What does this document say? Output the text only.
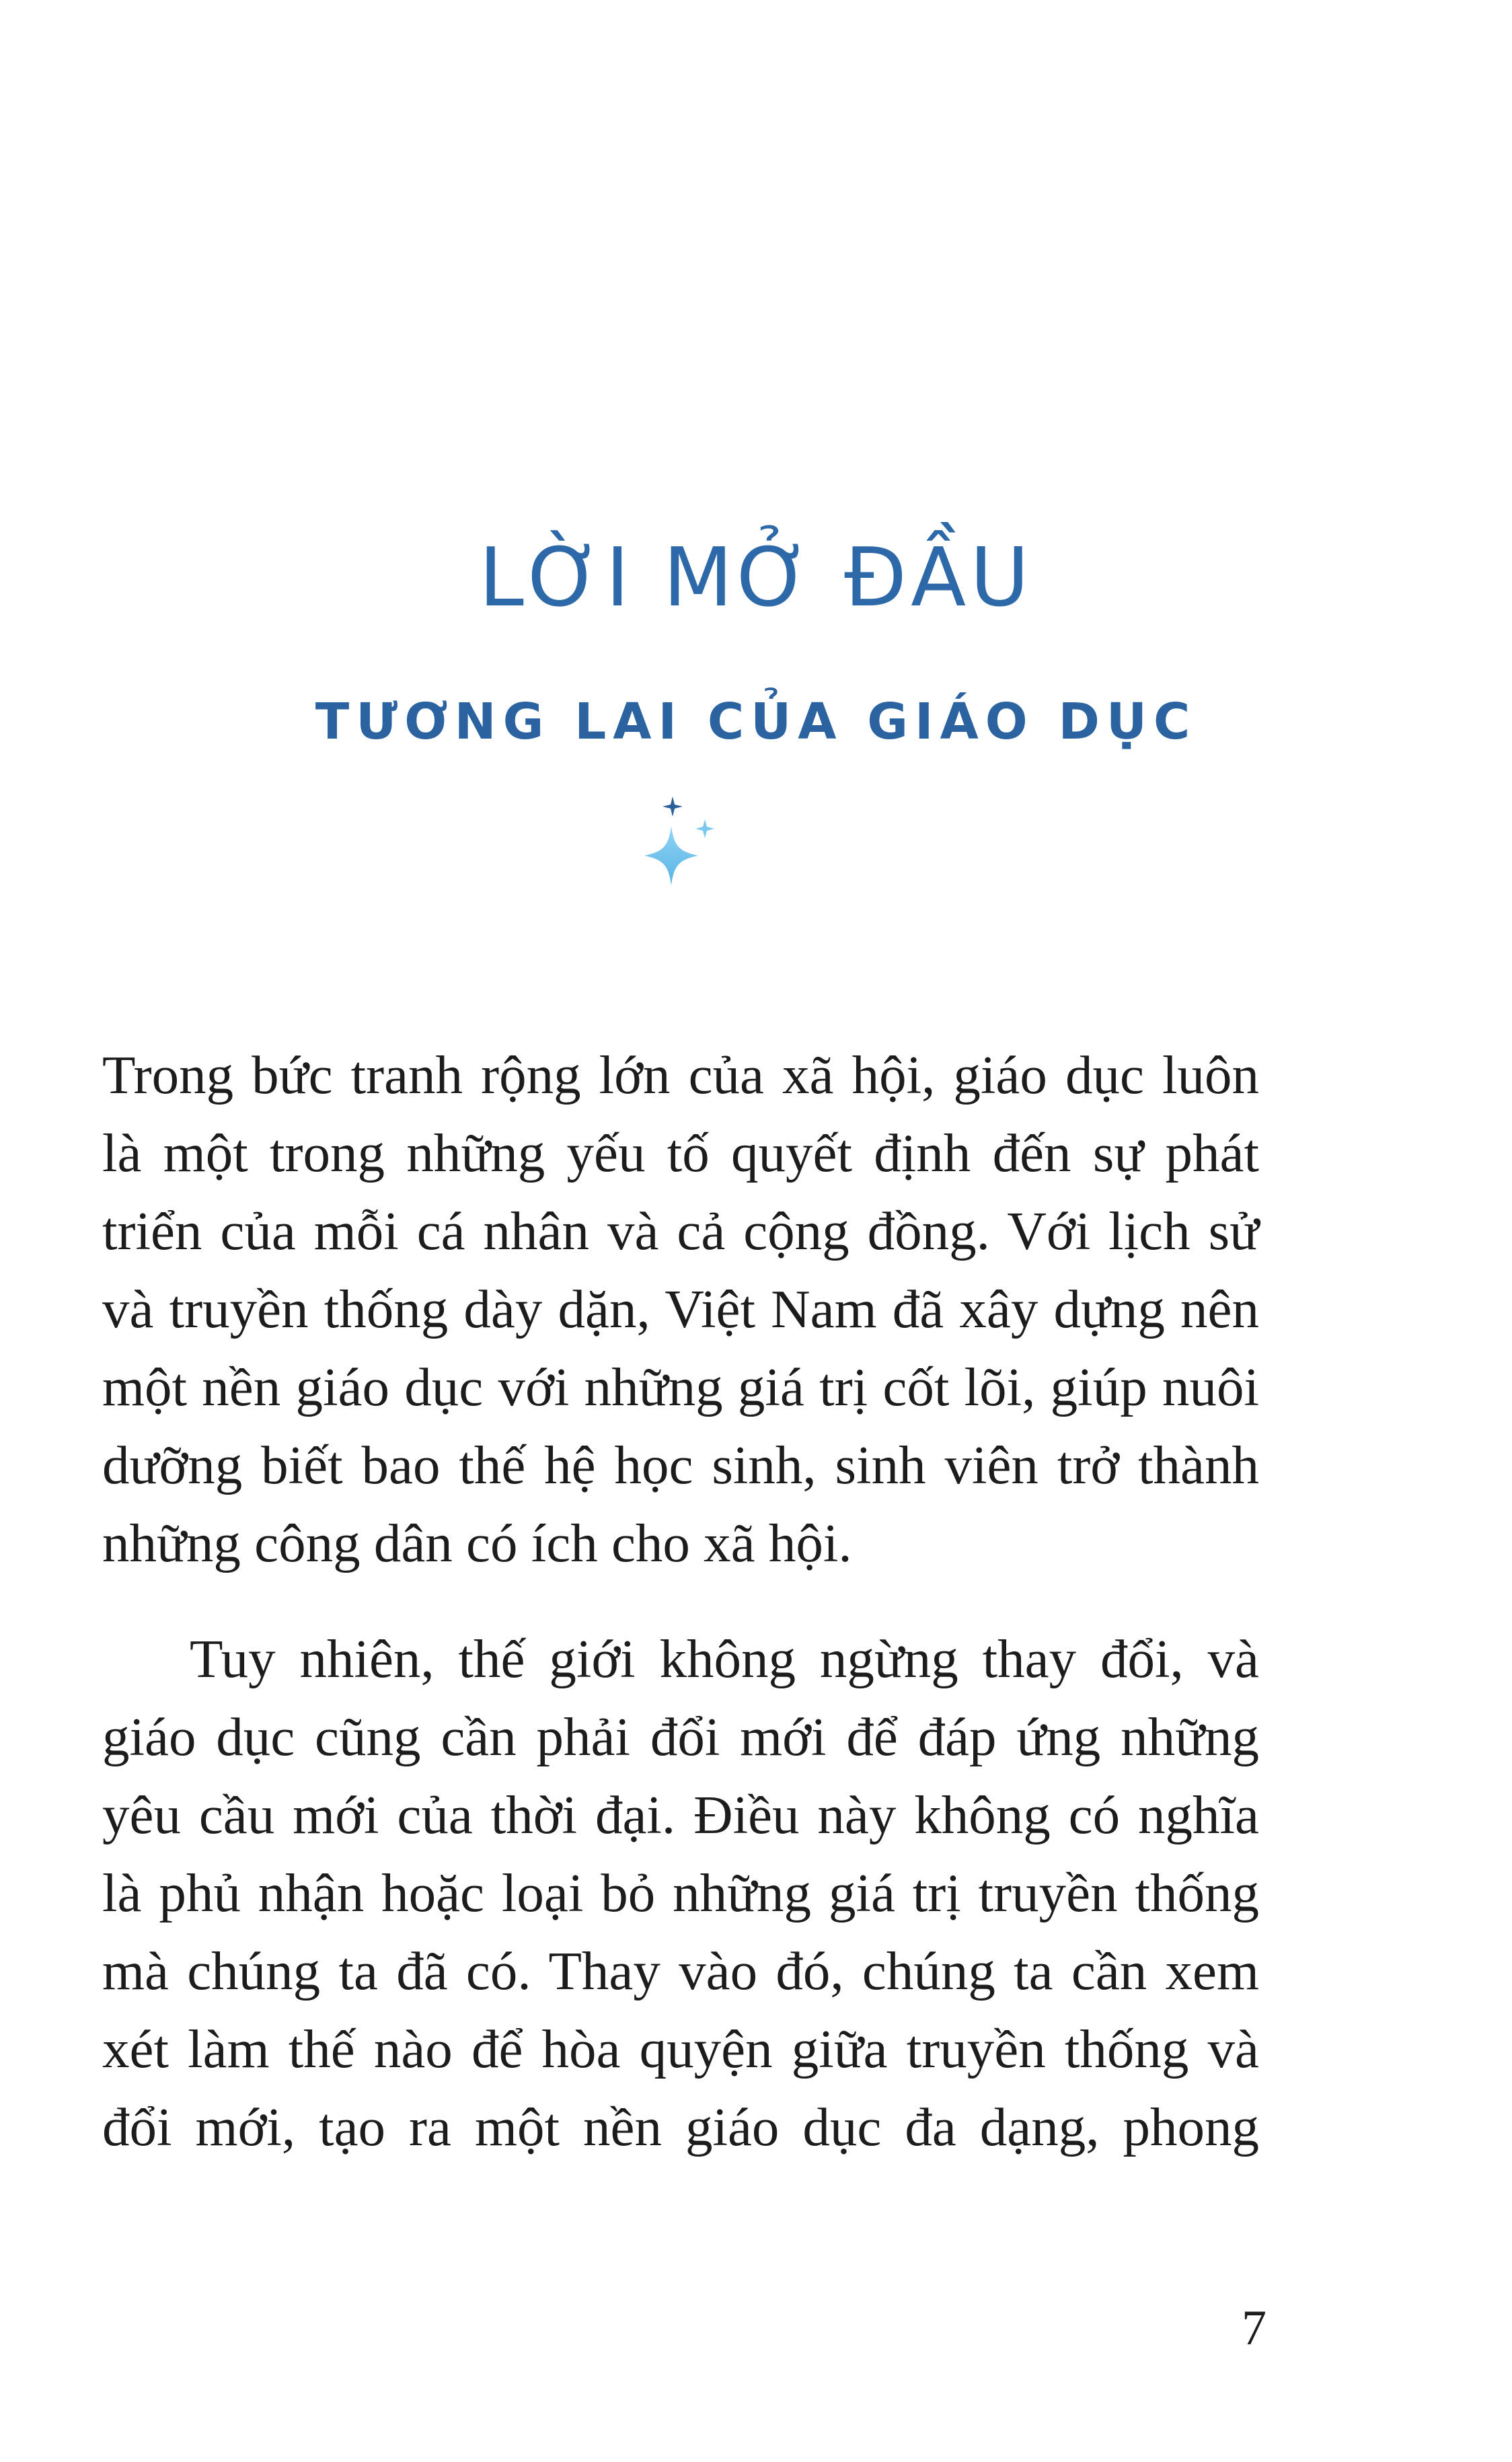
LỜI MỞ ĐẦU
TƯƠNG LAI CỦA GIÁO DỤC
Trong bức tranh rộng lớn của xã hội, giáo dục luôn
là một trong những yếu tố quyết định đến sự phát
triển của mỗi cá nhân và cả cộng đồng. Với lịch sử
và truyền thống dày dặn, Việt Nam đã xây dựng nên
một nền giáo dục với những giá trị cốt lõi, giúp nuôi
dưỡng biết bao thế hệ học sinh, sinh viên trở thành
những công dân có ích cho xã hội.
Tuy nhiên, thế giới không ngừng thay đổi, và
giáo dục cũng cần phải đổi mới để đáp ứng những
yêu cầu mới của thời đại. Điều này không có nghĩa
là phủ nhận hoặc loại bỏ những giá trị truyền thống
mà chúng ta đã có. Thay vào đó, chúng ta cần xem
xét làm thế nào để hòa quyện giữa truyền thống và
đổi mới, tạo ra một nền giáo dục đa dạng, phong
7
